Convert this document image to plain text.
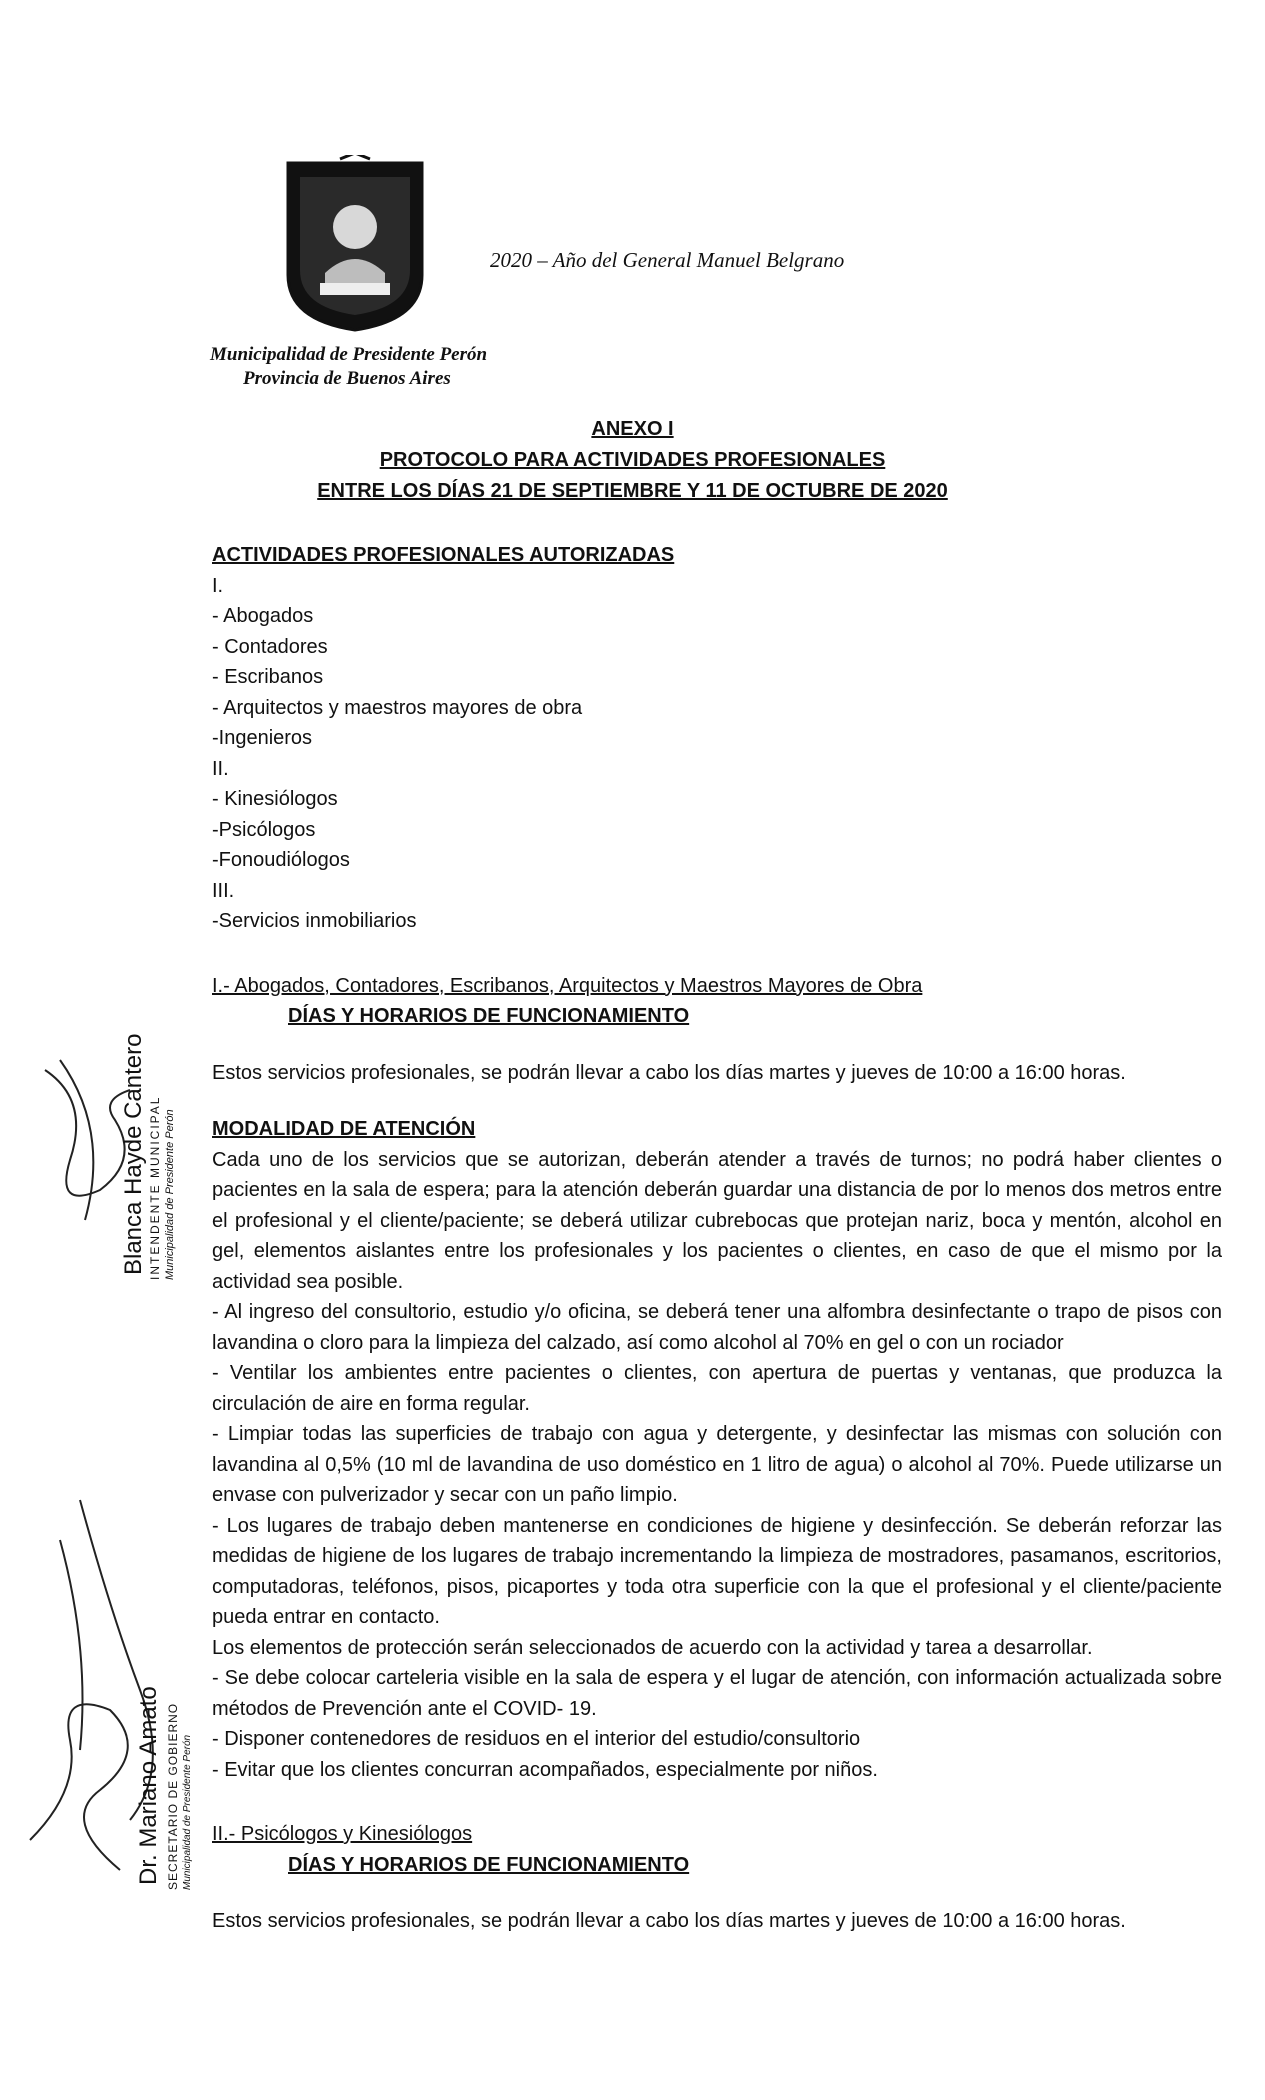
2020 – Año del General Manuel Belgrano
Municipalidad de Presidente Perón
Provincia de Buenos Aires
ANEXO I
PROTOCOLO PARA ACTIVIDADES PROFESIONALES
ENTRE LOS DÍAS 21 DE SEPTIEMBRE Y 11 DE OCTUBRE DE 2020

ACTIVIDADES PROFESIONALES AUTORIZADAS

I.

- Abogados

- Contadores

- Escribanos

- Arquitectos y maestros mayores de obra

-Ingenieros

II.

- Kinesiólogos

-Psicólogos

-Fonoudiólogos

III.

-Servicios inmobiliarios

I.- Abogados, Contadores, Escribanos, Arquitectos y Maestros Mayores de Obra

DÍAS Y HORARIOS DE FUNCIONAMIENTO

Estos servicios profesionales, se podrán llevar a cabo los días martes y jueves de 10:00 a 16:00 horas.

MODALIDAD DE ATENCIÓN

Cada uno de los servicios que se autorizan, deberán atender a través de turnos; no podrá haber clientes o pacientes en la sala de espera; para la atención deberán guardar una distancia de por lo menos dos metros entre el profesional y el cliente/paciente; se deberá utilizar cubrebocas que protejan nariz, boca y mentón, alcohol en gel, elementos aislantes entre los profesionales y los pacientes o clientes, en caso de que el mismo por la actividad sea posible.

- Al ingreso del consultorio, estudio y/o oficina, se deberá tener una alfombra desinfectante o trapo de pisos con lavandina o cloro para la limpieza del calzado, así como alcohol al 70% en gel o con un rociador

- Ventilar los ambientes entre pacientes o clientes, con apertura de puertas y ventanas, que produzca la circulación de aire en forma regular.

- Limpiar todas las superficies de trabajo con agua y detergente, y desinfectar las mismas con solución con lavandina al 0,5% (10 ml de lavandina de uso doméstico en 1 litro de agua) o alcohol al 70%. Puede utilizarse un envase con pulverizador y secar con un paño limpio.

- Los lugares de trabajo deben mantenerse en condiciones de higiene y desinfección. Se deberán reforzar las medidas de higiene de los lugares de trabajo incrementando la limpieza de mostradores, pasamanos, escritorios, computadoras, teléfonos, pisos, picaportes y toda otra superficie con la que el profesional y el cliente/paciente pueda entrar en contacto.

Los elementos de protección serán seleccionados de acuerdo con la actividad y tarea a desarrollar.

- Se debe colocar carteleria visible en la sala de espera y el lugar de atención, con información actualizada sobre métodos de Prevención ante el COVID- 19.

- Disponer contenedores de residuos en el interior del estudio/consultorio

- Evitar que los clientes concurran acompañados, especialmente por niños.

II.- Psicólogos y Kinesiólogos

DÍAS Y HORARIOS DE FUNCIONAMIENTO

Estos servicios profesionales, se podrán llevar a cabo los días martes y jueves de 10:00 a 16:00 horas.

Blanca Hayde Cantero INTENDENTE MUNICIPAL Municipalidad de Presidente Perón
Dr. Mariano Amato SECRETARIO DE GOBIERNO Municipalidad de Presidente Perón
